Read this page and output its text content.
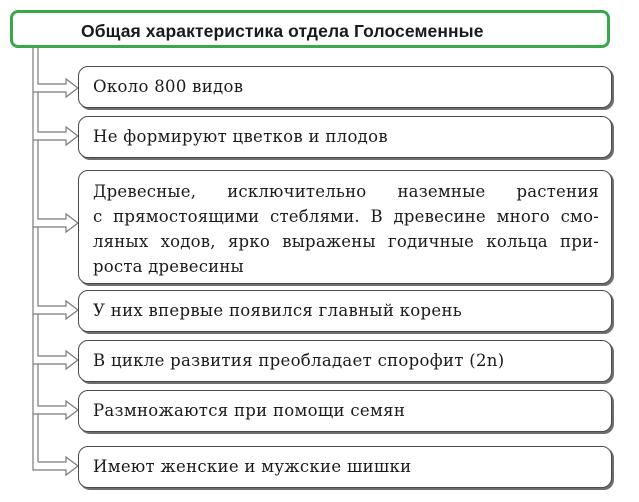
Общая характеристика отдела Голосеменные
Около 800 видов
Не формируют цветков и плодов
Древесные, исключительно наземные растения
с прямостоящими стеблями. В древесине много смо-
ляных ходов, ярко выражены годичные кольца при-
роста древесины
У них впервые появился главный корень
В цикле развития преобладает спорофит (2n)
Размножаются при помощи семян
Имеют женские и мужские шишки
